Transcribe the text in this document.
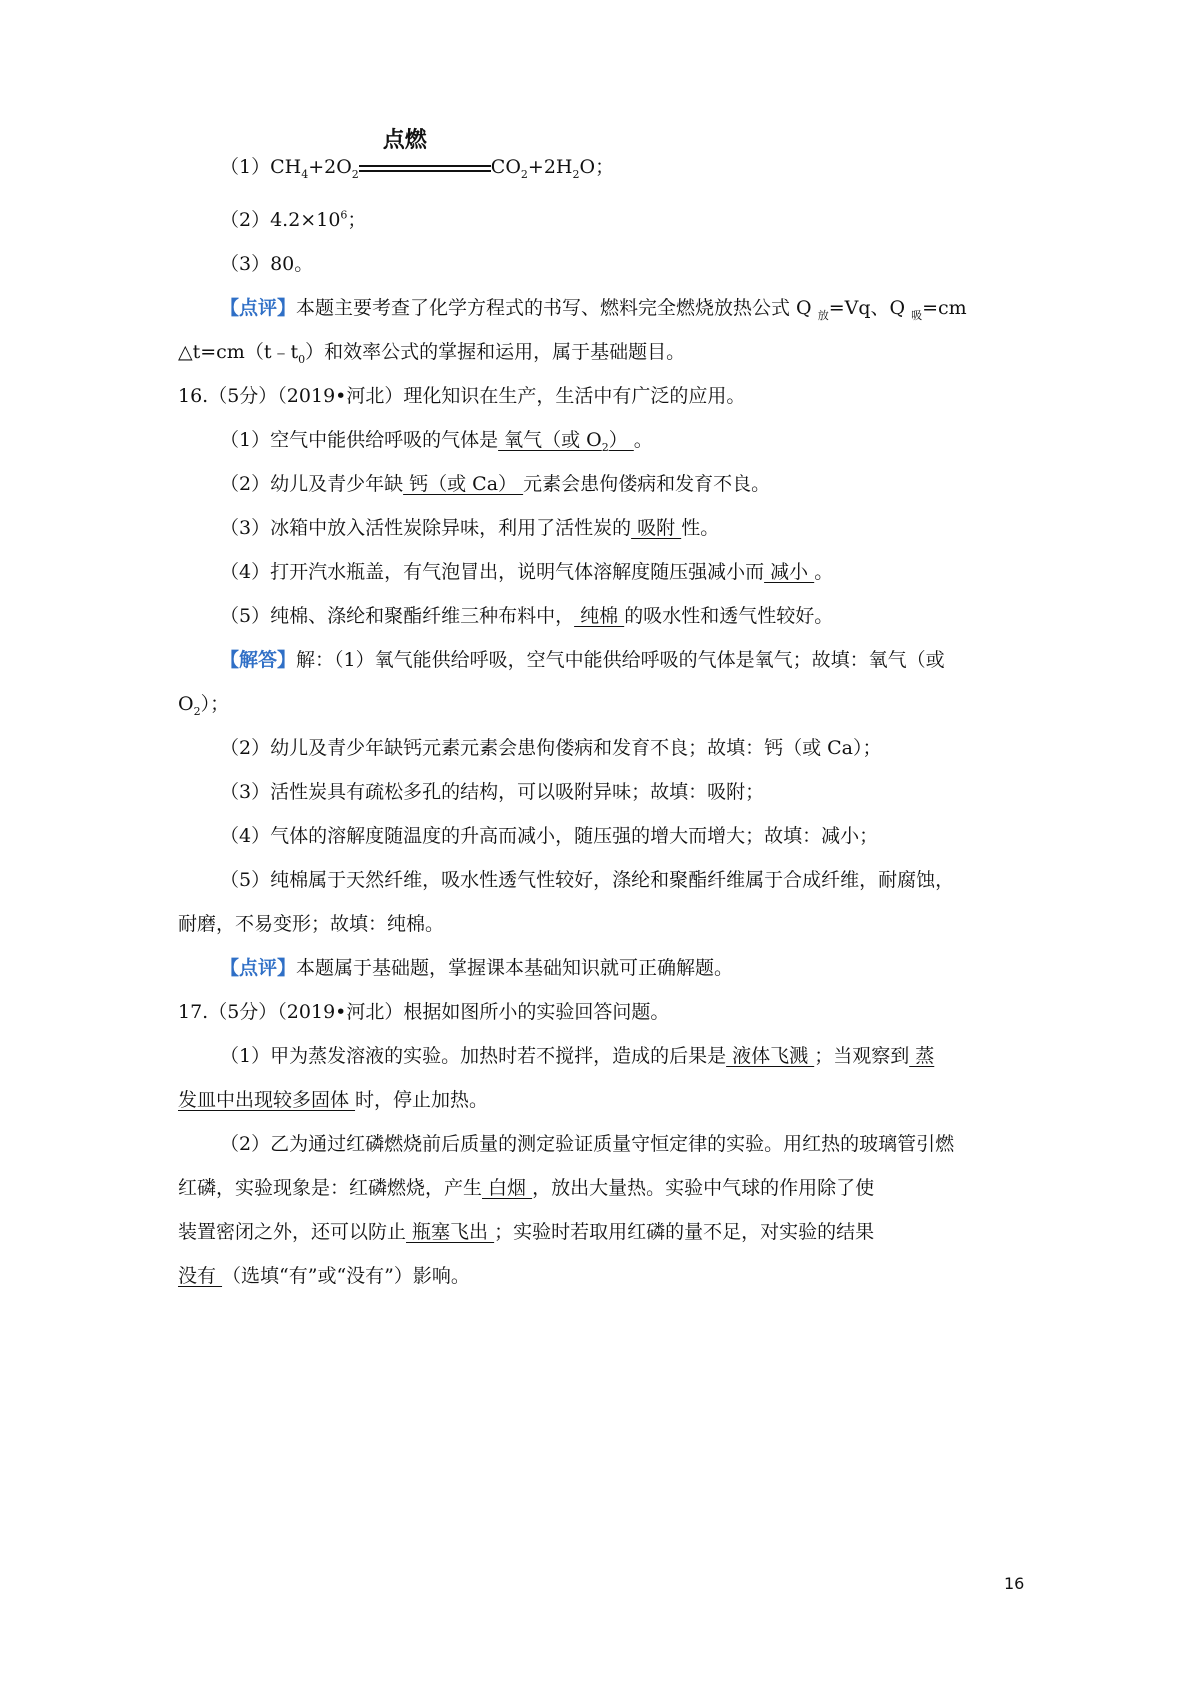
$(1)CH_4+2O_2$
点燃
$CO_2+2H_2O$；
$(2)4.2\times 10^6$；
（3）80。
【点评】本题主要考查了化学方程式的书写、燃料完全燃烧放热公式 Q $_放$=Vq、Q $_吸$=cm
$\triangle t=cm(t﹣t_0)$和效率公式的掌握和运用，属于基础题目。
16.（5分）（2019•河北）理化知识在生产，生活中有广泛的应用。
（1）空气中能供给呼吸的气体是 氧气（或 $O_2$） 。
（2）幼儿及青少年缺 钙（或 Ca） 元素会患佝偻病和发育不良。
（3）冰箱中放入活性炭除异味，利用了活性炭的 吸附 性。
（4）打开汽水瓶盖，有气泡冒出，说明气体溶解度随压强减小而 减小 。
（5）纯棉、涤纶和聚酯纤维三种布料中， 纯棉 的吸水性和透气性较好。
【解答】解：（1）氧气能供给呼吸，空气中能供给呼吸的气体是氧气；故填：氧气（或
$O_2$）；
（2）幼儿及青少年缺钙元素元素会患佝偻病和发育不良；故填：钙（或 Ca）；
（3）活性炭具有疏松多孔的结构，可以吸附异味；故填：吸附；
（4）气体的溶解度随温度的升高而减小，随压强的增大而增大；故填：减小；
（5）纯棉属于天然纤维，吸水性透气性较好，涤纶和聚酯纤维属于合成纤维，耐腐蚀，
耐磨，不易变形；故填：纯棉。
【点评】本题属于基础题，掌握课本基础知识就可正确解题。
17.（5分）（2019•河北）根据如图所小的实验回答问题。
（1）甲为蒸发溶液的实验。加热时若不搅拌，造成的后果是 液体飞溅 ；当观察到 蒸
发皿中出现较多固体 时，停止加热。
（2）乙为通过红磷燃烧前后质量的测定验证质量守恒定律的实验。用红热的玻璃管引燃
红磷，实验现象是：红磷燃烧，产生 白烟 ，放出大量热。实验中气球的作用除了使
装置密闭之外，还可以防止 瓶塞飞出 ；实验时若取用红磷的量不足，对实验的结果
没有 （选填“有”或“没有”）影响。
16
